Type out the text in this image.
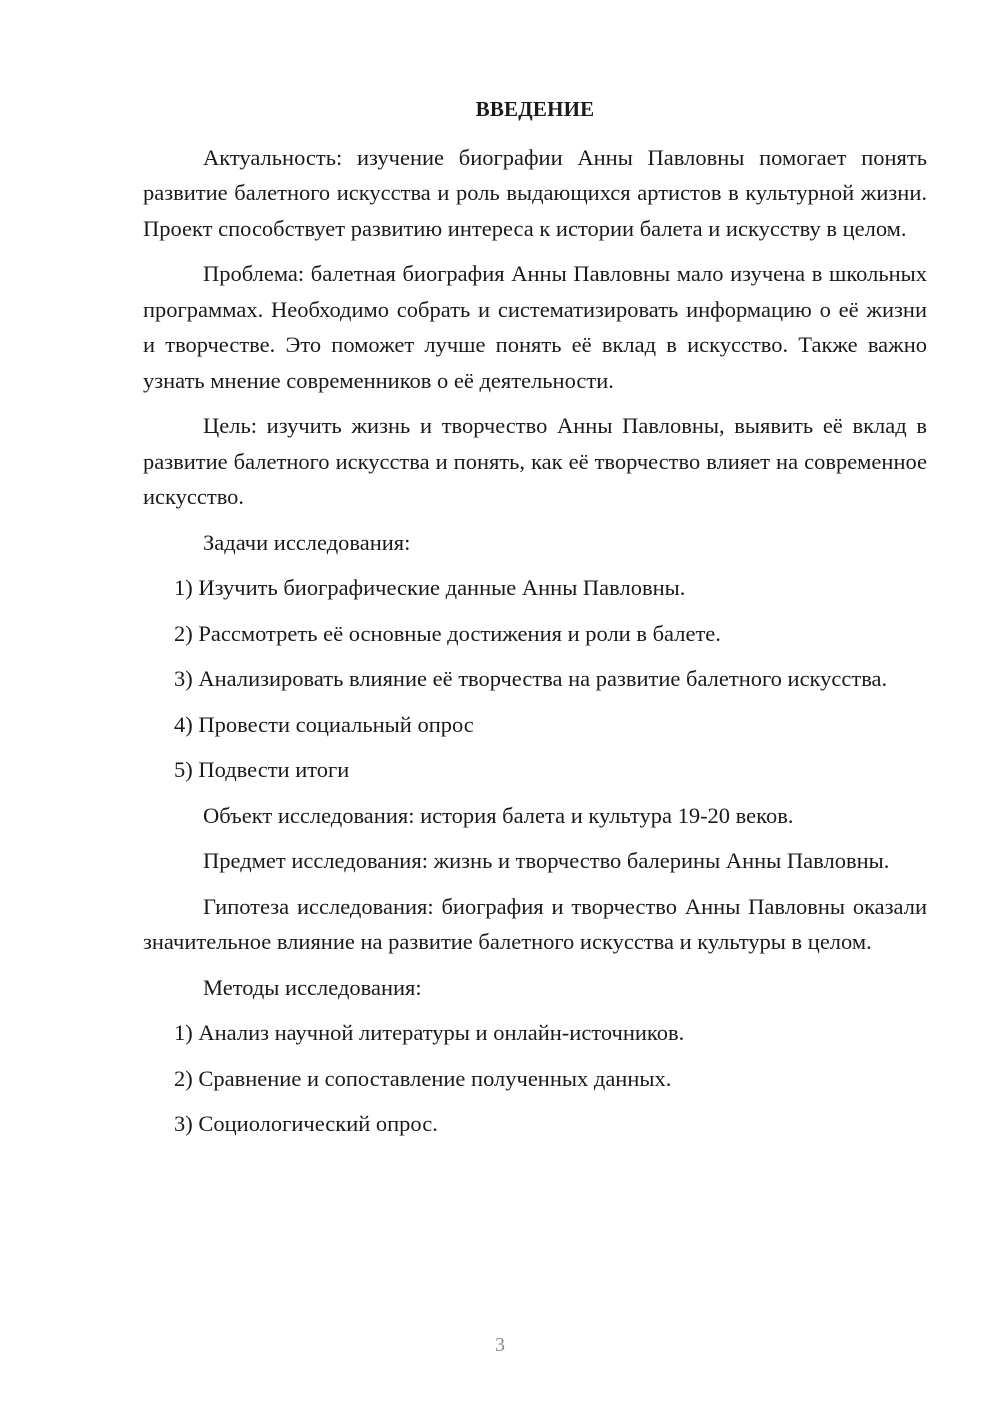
ВВЕДЕНИЕ

Актуальность: изучение биографии Анны Павловны помогает понять развитие балетного искусства и роль выдающихся артистов в культурной жизни. Проект способствует развитию интереса к истории балета и искусству в целом.

Проблема: балетная биография Анны Павловны мало изучена в школьных программах. Необходимо собрать и систематизировать информацию о её жизни и творчестве. Это поможет лучше понять её вклад в искусство. Также важно узнать мнение современников о её деятельности.

Цель: изучить жизнь и творчество Анны Павловны, выявить её вклад в развитие балетного искусства и понять, как её творчество влияет на современное искусство.

Задачи исследования:

1) Изучить биографические данные Анны Павловны.

2) Рассмотреть её основные достижения и роли в балете.

3) Анализировать влияние её творчества на развитие балетного искусства.

4) Провести социальный опрос

5) Подвести итоги

Объект исследования: история балета и культура 19-20 веков.

Предмет исследования: жизнь и творчество балерины Анны Павловны.

Гипотеза исследования: биография и творчество Анны Павловны оказали значительное влияние на развитие балетного искусства и культуры в целом.

Методы исследования:

1) Анализ научной литературы и онлайн-источников.

2) Сравнение и сопоставление полученных данных.

3) Социологический опрос.

3
